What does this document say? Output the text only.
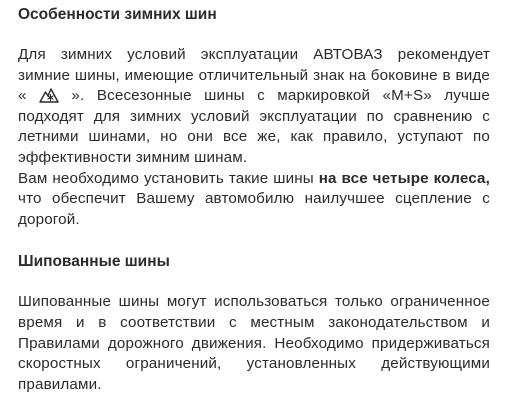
Особенности зимних шин

Для зимних условий эксплуатации АВТОВАЗ рекомендует зимние шины, имеющие отличительный знак на боковине в виде «  ». Всесезонные шины с маркировкой «M+S» лучше подходят для зимних условий эксплуатации по сравнению с летними шинами, но они все же, как правило, уступают по эффективности зимним шинам.

Вам необходимо установить такие шины на все четыре колеса, что обеспечит Вашему автомобилю наилучшее сцепление с дорогой.

Шипованные шины

Шипованные шины могут использоваться только ограниченное время и в соответствии с местным законодательством и Правилами дорожного движения. Необходимо придерживаться скоростных ограничений, установленных действующими правилами.
